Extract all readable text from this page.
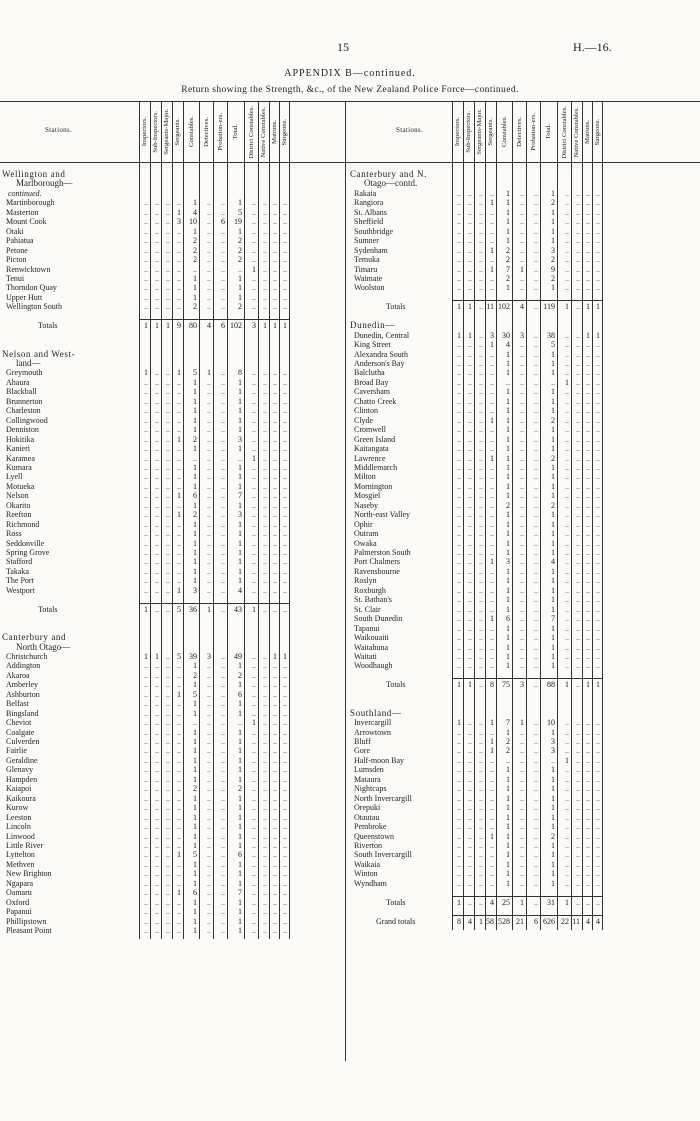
15	H.—16.
APPENDIX B—continued.
Return showing the Strength, &c., of the New Zealand Police Force—continued.
Stations.	Inspectors. Sub-Inspectors. Sergeants-Major. Sergeants. Constables. Detectives. Probation-ers. Total. District Constables. Native Constables. Matrons. Surgeons.
Wellington and
Marlborough—
continued.
Martinborough	.. .. .. ..	1	..	..	1	.. .. .. ..
Masterton	.. .. .. 1	4	..	..	5	.. .. .. ..
Mount Cook	.. .. .. 3	10	..	6	19	.. .. .. ..
Otaki	.. .. .. ..	1	..	..	1	.. .. .. ..
Pahiatua	.. .. .. ..	2	..	..	2	.. .. .. ..
Petone	.. .. .. ..	2	..	..	2	.. .. .. ..
Picton	.. .. .. ..	2	..	..	2	.. .. .. ..
Renwicktown	.. .. .. ..	..	..	..	..	1 .. .. ..
Tenui	.. .. .. ..	1	..	..	1	.. .. .. ..
Thorndon Quay	.. .. .. ..	1	..	..	1	.. .. .. ..
Upper Hutt	.. .. .. ..	1	..	..	1	.. .. .. ..
Wellington South	.. .. .. ..	2	..	..	2	.. .. .. ..
Totals	1 1 1 9	80	4	6 102	3 1 1 1
Nelson and West-
land—
Greymouth	1 .. .. 1	5	1	..	8	.. .. .. ..
Ahaura	.. .. .. ..	1	..	..	1	.. .. .. ..
Blackball	.. .. .. ..	1	..	..	1	.. .. .. ..
Brunnerton	.. .. .. ..	1	..	..	1	.. .. .. ..
Charleston	.. .. .. ..	1	..	..	1	.. .. .. ..
Collingwood	.. .. .. ..	1	..	..	1	.. .. .. ..
Denniston	.. .. .. ..	1	..	..	1	.. .. .. ..
Hokitika	.. .. .. 1	2	..	..	3	.. .. .. ..
Kanieri	.. .. .. ..	1	..	..	1	.. .. .. ..
Karamea	.. .. .. ..	..	..	..	..	1 .. .. ..
Kumara	.. .. .. ..	1	..	..	1	.. .. .. ..
Lyell	.. .. .. ..	1	..	..	1	.. .. .. ..
Motueka	.. .. .. ..	1	..	..	1	.. .. .. ..
Nelson	.. .. .. 1	6	..	..	7	.. .. .. ..
Okarito	.. .. .. ..	1	..	..	1	.. .. .. ..
Reefton	.. .. .. 1	2	..	..	3	.. .. .. ..
Richmond	.. .. .. ..	1	..	..	1	.. .. .. ..
Ross	.. .. .. ..	1	..	..	1	.. .. .. ..
Seddonville	.. .. .. ..	1	..	..	1	.. .. .. ..
Spring Grove	.. .. .. ..	1	..	..	1	.. .. .. ..
Stafford	.. .. .. ..	1	..	..	1	.. .. .. ..
Takaka	.. .. .. ..	1	..	..	1	.. .. .. ..
The Port	.. .. .. ..	1	..	..	1	.. .. .. ..
Westport	.. .. .. 1	3	..	..	4	.. .. .. ..
Totals	1 .. .. 5	36	1	..	43	1 .. .. ..
Canterbury and
North Otago—
Christchurch	1 1 .. 5	39	3	..	49	.. .. 1 1
Addington	.. .. .. ..	1	..	..	1	.. .. .. ..
Akaroa	.. .. .. ..	2	..	..	2	.. .. .. ..
Amberley	.. .. .. ..	1	..	..	1	.. .. .. ..
Ashburton	.. .. .. 1	5	..	..	6	.. .. .. ..
Belfast	.. .. .. ..	1	..	..	1	.. .. .. ..
Bingsland	.. .. .. ..	1	..	..	1	.. .. .. ..
Cheviot	.. .. .. ..	..	..	..	..	1 .. .. ..
Coalgate	.. .. .. ..	1	..	..	1	.. .. .. ..
Culverden	.. .. .. ..	1	..	..	1	.. .. .. ..
Fairlie	.. .. .. ..	1	..	..	1	.. .. .. ..
Geraldine	.. .. .. ..	1	..	..	1	.. .. .. ..
Glenavy	.. .. .. ..	1	..	..	1	.. .. .. ..
Hampden	.. .. .. ..	1	..	..	1	.. .. .. ..
Kaiapoi	.. .. .. ..	2	..	..	2	.. .. .. ..
Kaikoura	.. .. .. ..	1	..	..	1	.. .. .. ..
Kurow	.. .. .. ..	1	..	..	1	.. .. .. ..
Leeston	.. .. .. ..	1	..	..	1	.. .. .. ..
Lincoln	.. .. .. ..	1	..	..	1	.. .. .. ..
Linwood	.. .. .. ..	1	..	..	1	.. .. .. ..
Little River	.. .. .. ..	1	..	..	1	.. .. .. ..
Lyttelton	.. .. .. 1	5	..	..	6	.. .. .. ..
Methven	.. .. .. ..	1	..	..	1	.. .. .. ..
New Brighton	.. .. .. ..	1	..	..	1	.. .. .. ..
Ngapara	.. .. .. ..	1	..	..	1	.. .. .. ..
Oamaru	.. .. .. 1	6	..	..	7	.. .. .. ..
Oxford	.. .. .. ..	1	..	..	1	.. .. .. ..
Papanui	.. .. .. ..	1	..	..	1	.. .. .. ..
Phillipstown	.. .. .. ..	1	..	..	1	.. .. .. ..
Pleasant Point	.. .. .. ..	1	..	..	1	.. .. .. ..
Stations.	Inspectors. Sub-Inspectors. Sergeants-Major. Sergeants. Constables. Detectives. Probation-ers. Total. District Constables. Native Constables. Matrons. Surgeons.
Canterbury and N.
Otago—contd.
Rakaia	.. .. .. ..	1	..	..	1	.. .. .. ..
Rangiora	.. .. .. 1	1	..	..	2	.. .. .. ..
St. Albans	.. .. .. ..	1	..	..	1	.. .. .. ..
Sheffield	.. .. .. ..	1	..	..	1	.. .. .. ..
Southbridge	.. .. .. ..	1	..	..	1	.. .. .. ..
Sumner	.. .. .. ..	1	..	..	1	.. .. .. ..
Sydenham	.. .. .. 1	2	..	..	3	.. .. .. ..
Temuka	.. .. .. ..	2	..	..	2	.. .. .. ..
Timaru	.. .. .. 1	7	1	..	9	.. .. .. ..
Waimate	.. .. .. ..	2	..	..	2	.. .. .. ..
Woolston	.. .. .. ..	1	..	..	1	.. .. .. ..
Totals	1 1 .. 11 102	4	.. 119	1 .. 1 1
Dunedin—
Dunedin, Central	1 1 .. 3	30	3	..	38	.. .. 1 1
King Street	.. .. .. 1	4	..	..	5	.. .. .. ..
Alexandra South	.. .. .. ..	1	..	..	1	.. .. .. ..
Anderson's Bay	.. .. .. ..	1	..	..	1	.. .. .. ..
Balclutha	.. .. .. ..	1	..	..	1	.. .. .. ..
Broad Bay	.. .. .. ..	..	..	..	..	1 .. .. ..
Caversham	.. .. .. ..	1	..	..	1	.. .. .. ..
Chatto Creek	.. .. .. ..	1	..	..	1	.. .. .. ..
Clinton	.. .. .. ..	1	..	..	1	.. .. .. ..
Clyde	.. .. .. 1	1	..	..	2	.. .. .. ..
Cromwell	.. .. .. ..	1	..	..	1	.. .. .. ..
Green Island	.. .. .. ..	1	..	..	1	.. .. .. ..
Kaitangata	.. .. .. ..	1	..	..	1	.. .. .. ..
Lawrence	.. .. .. 1	1	..	..	2	.. .. .. ..
Middlemarch	.. .. .. ..	1	..	..	1	.. .. .. ..
Milton	.. .. .. ..	1	..	..	1	.. .. .. ..
Mornington	.. .. .. ..	1	..	..	1	.. .. .. ..
Mosgiel	.. .. .. ..	1	..	..	1	.. .. .. ..
Naseby	.. .. .. ..	2	..	..	2	.. .. .. ..
North-east Valley	.. .. .. ..	1	..	..	1	.. .. .. ..
Ophir	.. .. .. ..	1	..	..	1	.. .. .. ..
Outram	.. .. .. ..	1	..	..	1	.. .. .. ..
Owaka	.. .. .. ..	1	..	..	1	.. .. .. ..
Palmerston South	.. .. .. ..	1	..	..	1	.. .. .. ..
Port Chalmers	.. .. .. 1	3	..	..	4	.. .. .. ..
Ravensbourne	.. .. .. ..	1	..	..	1	.. .. .. ..
Roslyn	.. .. .. ..	1	..	..	1	.. .. .. ..
Roxburgh	.. .. .. ..	1	..	..	1	.. .. .. ..
St. Bathan's	.. .. .. ..	1	..	..	1	.. .. .. ..
St. Clair	.. .. .. ..	1	..	..	1	.. .. .. ..
South Dunedin	.. .. .. 1	6	..	..	7	.. .. .. ..
Tapanui	.. .. .. ..	1	..	..	1	.. .. .. ..
Waikouaiti	.. .. .. ..	1	..	..	1	.. .. .. ..
Waitahuna	.. .. .. ..	1	..	..	1	.. .. .. ..
Waitati	.. .. .. ..	1	..	..	1	.. .. .. ..
Woodhaugh	.. .. .. ..	1	..	..	1	.. .. .. ..
Totals	1 1 .. 8	75	3	..	88	1 .. 1 1
Southland—
Invercargill	1 .. .. 1	7	1	..	10	.. .. .. ..
Arrowtown	.. .. .. ..	1	..	..	1	.. .. .. ..
Bluff	.. .. .. 1	2	..	..	3	.. .. .. ..
Gore	.. .. .. 1	2	..	..	3	.. .. .. ..
Half-moon Bay	.. .. .. ..	..	..	..	..	1 .. .. ..
Lumsden	.. .. .. ..	1	..	..	1	.. .. .. ..
Mataura	.. .. .. ..	1	..	..	1	.. .. .. ..
Nightcaps	.. .. .. ..	1	..	..	1	.. .. .. ..
North Invercargill	.. .. .. ..	1	..	..	1	.. .. .. ..
Orepuki	.. .. .. ..	1	..	..	1	.. .. .. ..
Otautau	.. .. .. ..	1	..	..	1	.. .. .. ..
Pembroke	.. .. .. ..	1	..	..	1	.. .. .. ..
Queenstown	.. .. .. 1	1	..	..	2	.. .. .. ..
Riverton	.. .. .. ..	1	..	..	1	.. .. .. ..
South Invercargill	.. .. .. ..	1	..	..	1	.. .. .. ..
Waikaia	.. .. .. ..	1	..	..	1	.. .. .. ..
Winton	.. .. .. ..	1	..	..	1	.. .. .. ..
Wyndham	.. .. .. ..	1	..	..	1	.. .. .. ..
Totals	1 .. .. 4	25	1	..	31	1 .. .. ..
Grand totals	8 4 1 58 528 21	6 626 22 11 4 4
